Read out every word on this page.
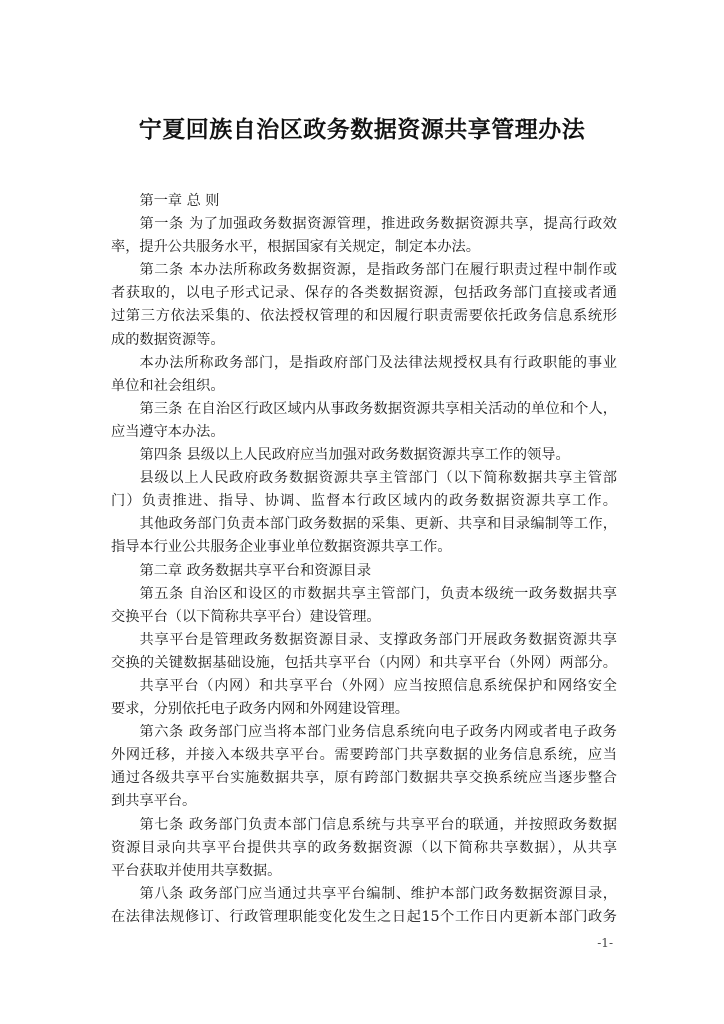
宁夏回族自治区政务数据资源共享管理办法
第一章 总 则
第一条 为了加强政务数据资源管理，推进政务数据资源共享，提高行政效
率，提升公共服务水平，根据国家有关规定，制定本办法。
第二条 本办法所称政务数据资源，是指政务部门在履行职责过程中制作或
者获取的，以电子形式记录、保存的各类数据资源，包括政务部门直接或者通
过第三方依法采集的、依法授权管理的和因履行职责需要依托政务信息系统形
成的数据资源等。
本办法所称政务部门，是指政府部门及法律法规授权具有行政职能的事业
单位和社会组织。
第三条 在自治区行政区域内从事政务数据资源共享相关活动的单位和个人，
应当遵守本办法。
第四条 县级以上人民政府应当加强对政务数据资源共享工作的领导。
县级以上人民政府政务数据资源共享主管部门（以下简称数据共享主管部
门）负责推进、指导、协调、监督本行政区域内的政务数据资源共享工作。
其他政务部门负责本部门政务数据的采集、更新、共享和目录编制等工作，
指导本行业公共服务企业事业单位数据资源共享工作。
第二章 政务数据共享平台和资源目录
第五条 自治区和设区的市数据共享主管部门，负责本级统一政务数据共享
交换平台（以下简称共享平台）建设管理。
共享平台是管理政务数据资源目录、支撑政务部门开展政务数据资源共享
交换的关键数据基础设施，包括共享平台（内网）和共享平台（外网）两部分。
共享平台（内网）和共享平台（外网）应当按照信息系统保护和网络安全
要求，分别依托电子政务内网和外网建设管理。
第六条 政务部门应当将本部门业务信息系统向电子政务内网或者电子政务
外网迁移，并接入本级共享平台。需要跨部门共享数据的业务信息系统，应当
通过各级共享平台实施数据共享，原有跨部门数据共享交换系统应当逐步整合
到共享平台。
第七条 政务部门负责本部门信息系统与共享平台的联通，并按照政务数据
资源目录向共享平台提供共享的政务数据资源（以下简称共享数据），从共享
平台获取并使用共享数据。
第八条 政务部门应当通过共享平台编制、维护本部门政务数据资源目录，
在法律法规修订、行政管理职能变化发生之日起15个工作日内更新本部门政务
-1-
